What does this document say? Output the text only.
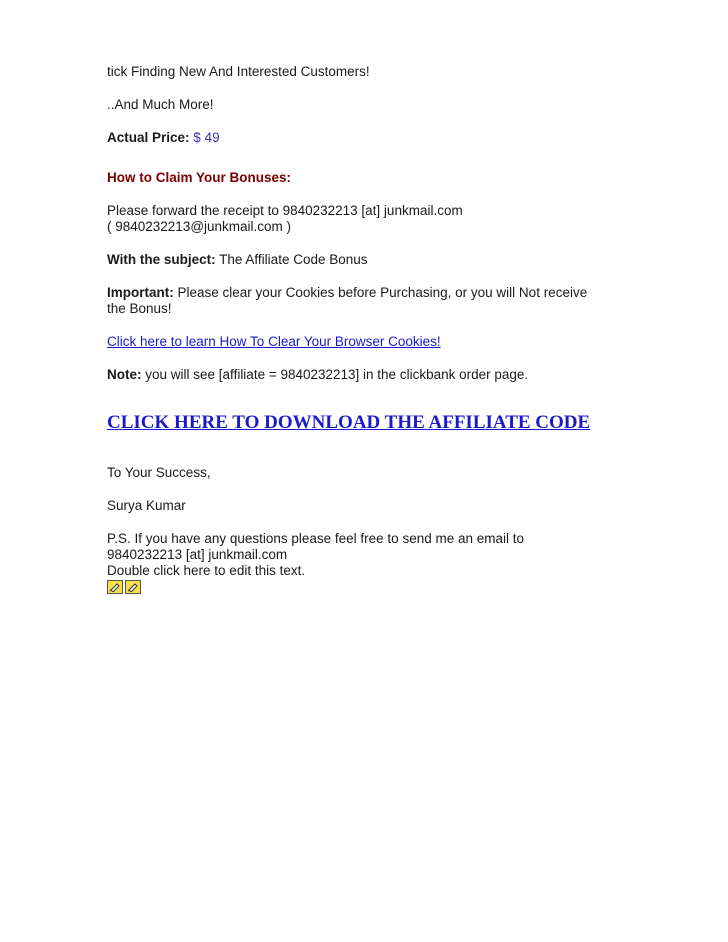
tick Finding New And Interested Customers!

..And Much More!

Actual Price: $ 49

How to Claim Your Bonuses:

Please forward the receipt to 9840232213 [at] junkmail.com

( 9840232213@junkmail.com )

With the subject: The Affiliate Code Bonus

Important: Please clear your Cookies before Purchasing, or you will Not receive

the Bonus!

Click here to learn How To Clear Your Browser Cookies!

Note: you will see [affiliate = 9840232213] in the clickbank order page.

CLICK HERE TO DOWNLOAD THE AFFILIATE CODE

To Your Success,

Surya Kumar

P.S. If you have any questions please feel free to send me an email to

9840232213 [at] junkmail.com

Double click here to edit this text.
